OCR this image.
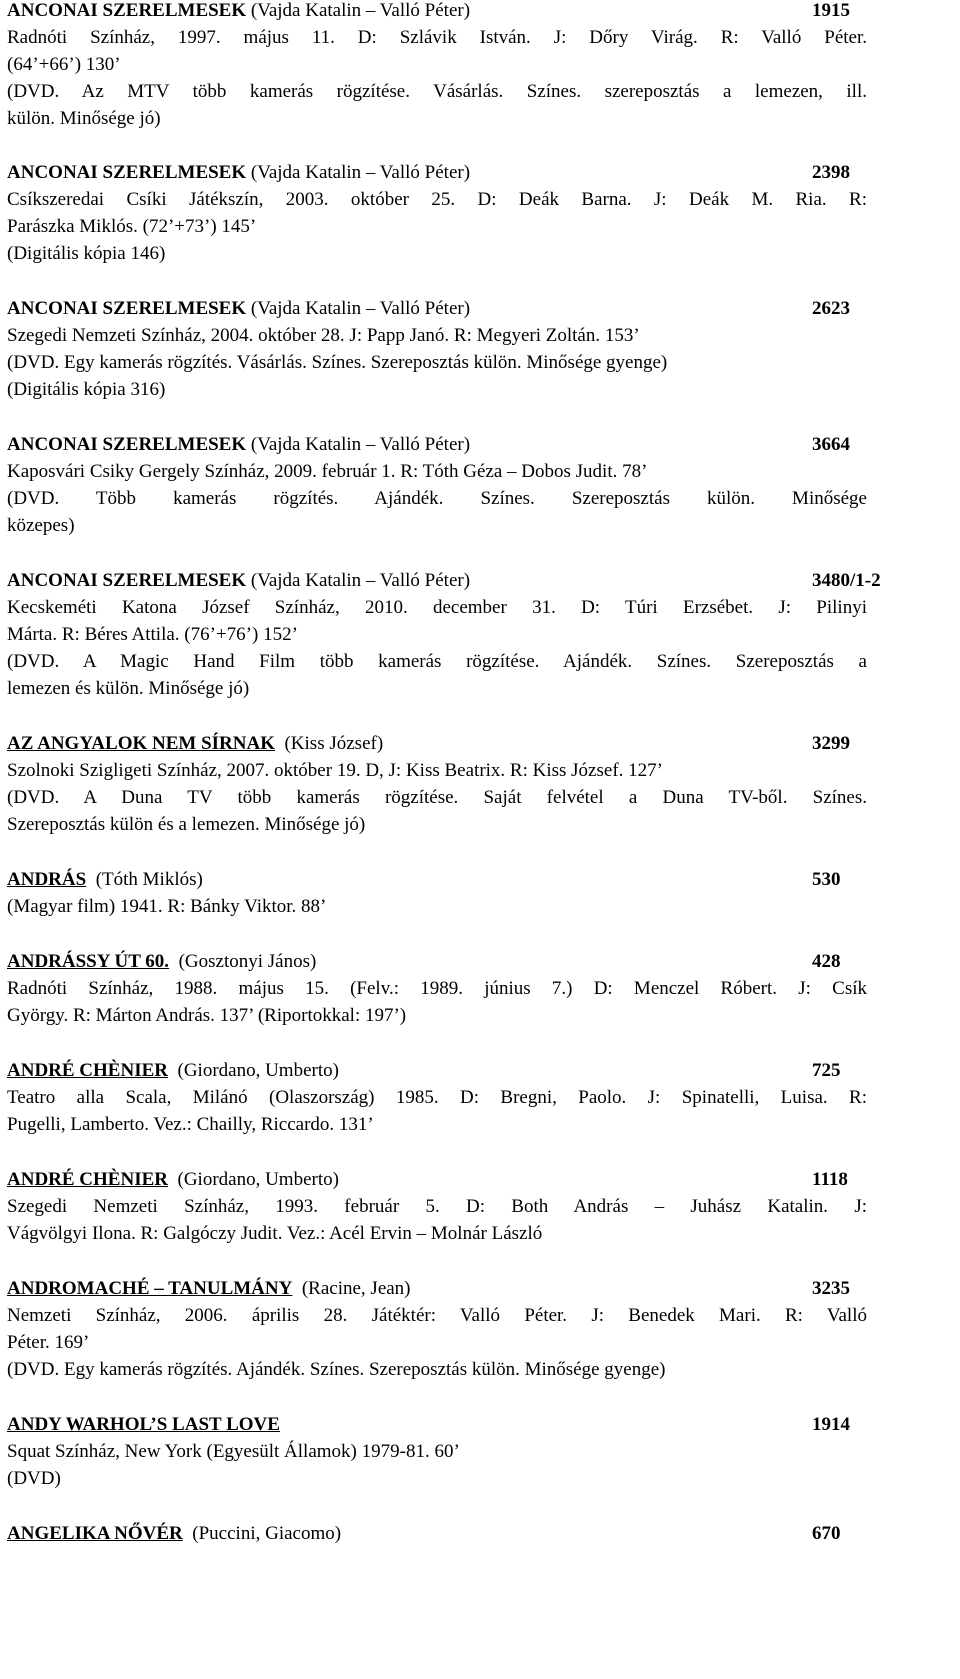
ANCONAI SZERELMESEK (Vajda Katalin – Valló Péter)	1915
Radnóti Színház, 1997. május 11. D: Szlávik István. J: Dőry Virág. R: Valló Péter.
(64’+66’) 130’
(DVD. Az MTV több kamerás rögzítése. Vásárlás. Színes. szereposztás a lemezen, ill.
külön. Minősége jó)
ANCONAI SZERELMESEK (Vajda Katalin – Valló Péter)	2398
Csíkszeredai Csíki Játékszín, 2003. október 25. D: Deák Barna. J: Deák M. Ria. R:
Parászka Miklós. (72’+73’) 145’
(Digitális kópia 146)
ANCONAI SZERELMESEK (Vajda Katalin – Valló Péter)	2623
Szegedi Nemzeti Színház, 2004. október 28. J: Papp Janó. R: Megyeri Zoltán. 153’
(DVD. Egy kamerás rögzítés. Vásárlás. Színes. Szereposztás külön. Minősége gyenge)
(Digitális kópia 316)
ANCONAI SZERELMESEK (Vajda Katalin – Valló Péter)	3664
Kaposvári Csiky Gergely Színház, 2009. február 1. R: Tóth Géza – Dobos Judit. 78’
(DVD. Több kamerás rögzítés. Ajándék. Színes. Szereposztás külön. Minősége
közepes)
ANCONAI SZERELMESEK (Vajda Katalin – Valló Péter)	3480/1-2
Kecskeméti Katona József Színház, 2010. december 31. D: Túri Erzsébet. J: Pilinyi
Márta. R: Béres Attila. (76’+76’) 152’
(DVD. A Magic Hand Film több kamerás rögzítése. Ajándék. Színes. Szereposztás a
lemezen és külön. Minősége jó)
AZ ANGYALOK NEM SÍRNAK  (Kiss József)	3299
Szolnoki Szigligeti Színház, 2007. október 19. D, J: Kiss Beatrix. R: Kiss József. 127’
(DVD. A Duna TV több kamerás rögzítése. Saját felvétel a Duna TV-ből. Színes.
Szereposztás külön és a lemezen. Minősége jó)
ANDRÁS  (Tóth Miklós)	530
(Magyar film) 1941. R: Bánky Viktor. 88’
ANDRÁSSY ÚT 60.  (Gosztonyi János)	428
Radnóti Színház, 1988. május 15. (Felv.: 1989. június 7.) D: Menczel Róbert. J: Csík
György. R: Márton András. 137’ (Riportokkal: 197’)
ANDRÉ CHÈNIER  (Giordano, Umberto)	725
Teatro alla Scala, Milánó (Olaszország) 1985. D: Bregni, Paolo. J: Spinatelli, Luisa. R:
Pugelli, Lamberto. Vez.: Chailly, Riccardo. 131’
ANDRÉ CHÈNIER  (Giordano, Umberto)	1118
Szegedi Nemzeti Színház, 1993. február 5. D: Both András – Juhász Katalin. J:
Vágvölgyi Ilona. R: Galgóczy Judit. Vez.: Acél Ervin – Molnár László
ANDROMACHÉ – TANULMÁNY  (Racine, Jean)	3235
Nemzeti Színház, 2006. április 28. Játéktér: Valló Péter. J: Benedek Mari. R: Valló
Péter. 169’
(DVD. Egy kamerás rögzítés. Ajándék. Színes. Szereposztás külön. Minősége gyenge)
ANDY WARHOL’S LAST LOVE	1914
Squat Színház, New York (Egyesült Államok) 1979-81. 60’
(DVD)
ANGELIKA NŐVÉR  (Puccini, Giacomo)	670
